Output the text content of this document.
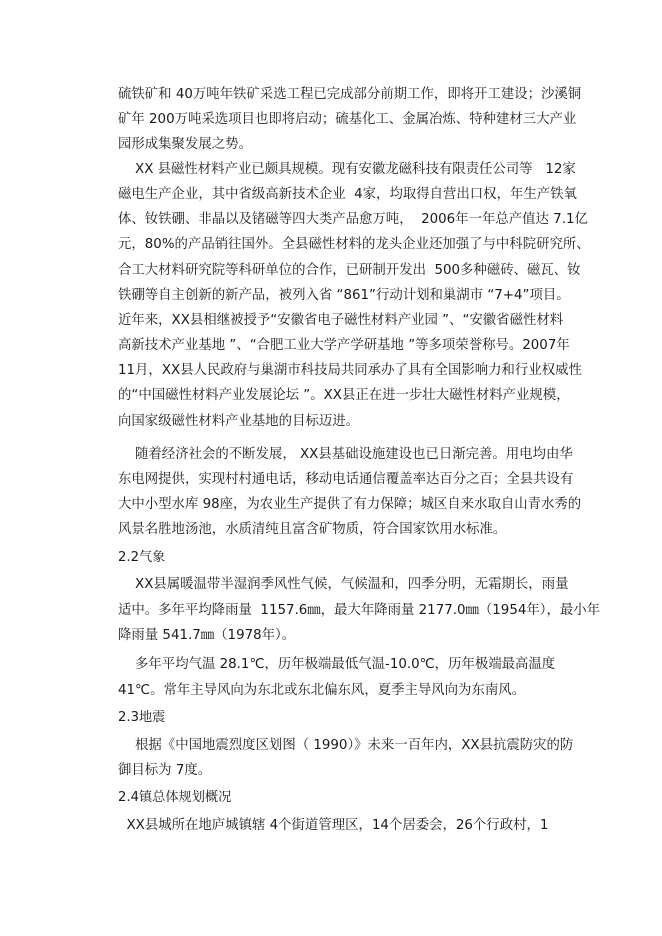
硫铁矿和 40万吨年铁矿采选工程已完成部分前期工作，即将开工建设；沙溪铜
矿年 200万吨采选项目也即将启动；硫基化工、金属冶炼、特种建材三大产业
园形成集聚发展之势。
XX 县磁性材料产业已颇具规模。现有安徽龙磁科技有限责任公司等   12家
磁电生产企业，其中省级高新技术企业  4家，均取得自营出口权，年生产铁氧
体、钕铁硼、非晶以及锗磁等四大类产品愈万吨，  2006年一年总产值达 7.1亿
元，80%的产品销往国外。全县磁性材料的龙头企业还加强了与中科院研究所、
合工大材料研究院等科研单位的合作，已研制开发出  500多种磁砖、磁瓦、钕
铁硼等自主创新的新产品，被列入省 “861”行动计划和巢湖市 “7+4”项目。
近年来，XX县相继被授予“安徽省电子磁性材料产业园 ”、“安徽省磁性材料
高新技术产业基地 ”、“合肥工业大学产学研基地 ”等多项荣誉称号。2007年
11月，XX县人民政府与巢湖市科技局共同承办了具有全国影响力和行业权威性
的“中国磁性材料产业发展论坛 ”。XX县正在进一步壮大磁性材料产业规模，
向国家级磁性材料产业基地的目标迈进。
随着经济社会的不断发展， XX县基础设施建设也已日渐完善。用电均由华
东电网提供，实现村村通电话，移动电话通信覆盖率达百分之百；全县共设有
大中小型水库 98座，为农业生产提供了有力保障；城区自来水取自山青水秀的
风景名胜地汤池，水质清纯且富含矿物质，符合国家饮用水标准。
2.2气象
XX县属暖温带半湿润季风性气候，气候温和，四季分明，无霜期长，雨量
适中。多年平均降雨量  1157.6㎜，最大年降雨量 2177.0㎜（1954年），最小年
降雨量 541.7㎜（1978年）。
多年平均气温 28.1℃，历年极端最低气温-10.0℃，历年极端最高温度
41℃。常年主导风向为东北或东北偏东风，夏季主导风向为东南风。
2.3地震
根据《中国地震烈度区划图（ 1990）》未来一百年内，XX县抗震防灾的防
御目标为 7度。
2.4镇总体规划概况
XX县城所在地庐城镇辖 4个街道管理区，14个居委会，26个行政村，1
